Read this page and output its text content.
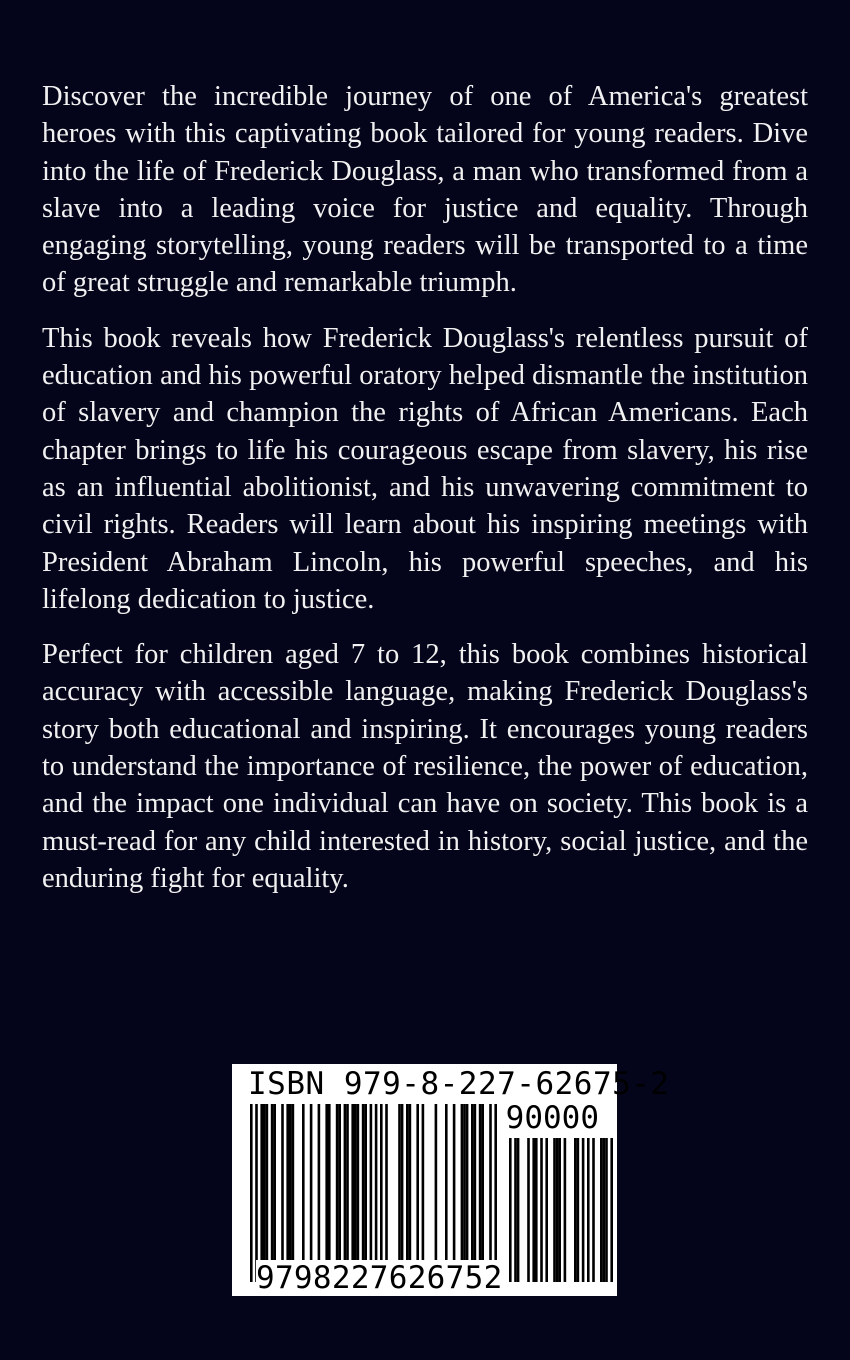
Discover the incredible journey of one of America's greatest heroes with this captivating book tailored for young readers. Dive into the life of Frederick Douglass, a man who transformed from a slave into a leading voice for justice and equality. Through engaging storytelling, young readers will be transported to a time of great struggle and remarkable triumph.

This book reveals how Frederick Douglass's relentless pursuit of education and his powerful oratory helped dismantle the institution of slavery and champion the rights of African Americans. Each chapter brings to life his courageous escape from slavery, his rise as an influential abolitionist, and his unwavering commitment to civil rights. Readers will learn about his inspiring meetings with President Abraham Lincoln, his powerful speeches, and his lifelong dedication to justice.

Perfect for children aged 7 to 12, this book combines historical accuracy with accessible language, making Frederick Douglass's story both educational and inspiring. It encourages young readers to understand the importance of resilience, the power of education, and the impact one individual can have on society. This book is a must-read for any child interested in history, social justice, and the enduring fight for equality.

ISBN 979-8-227-62675-2
90000
9798227626752
